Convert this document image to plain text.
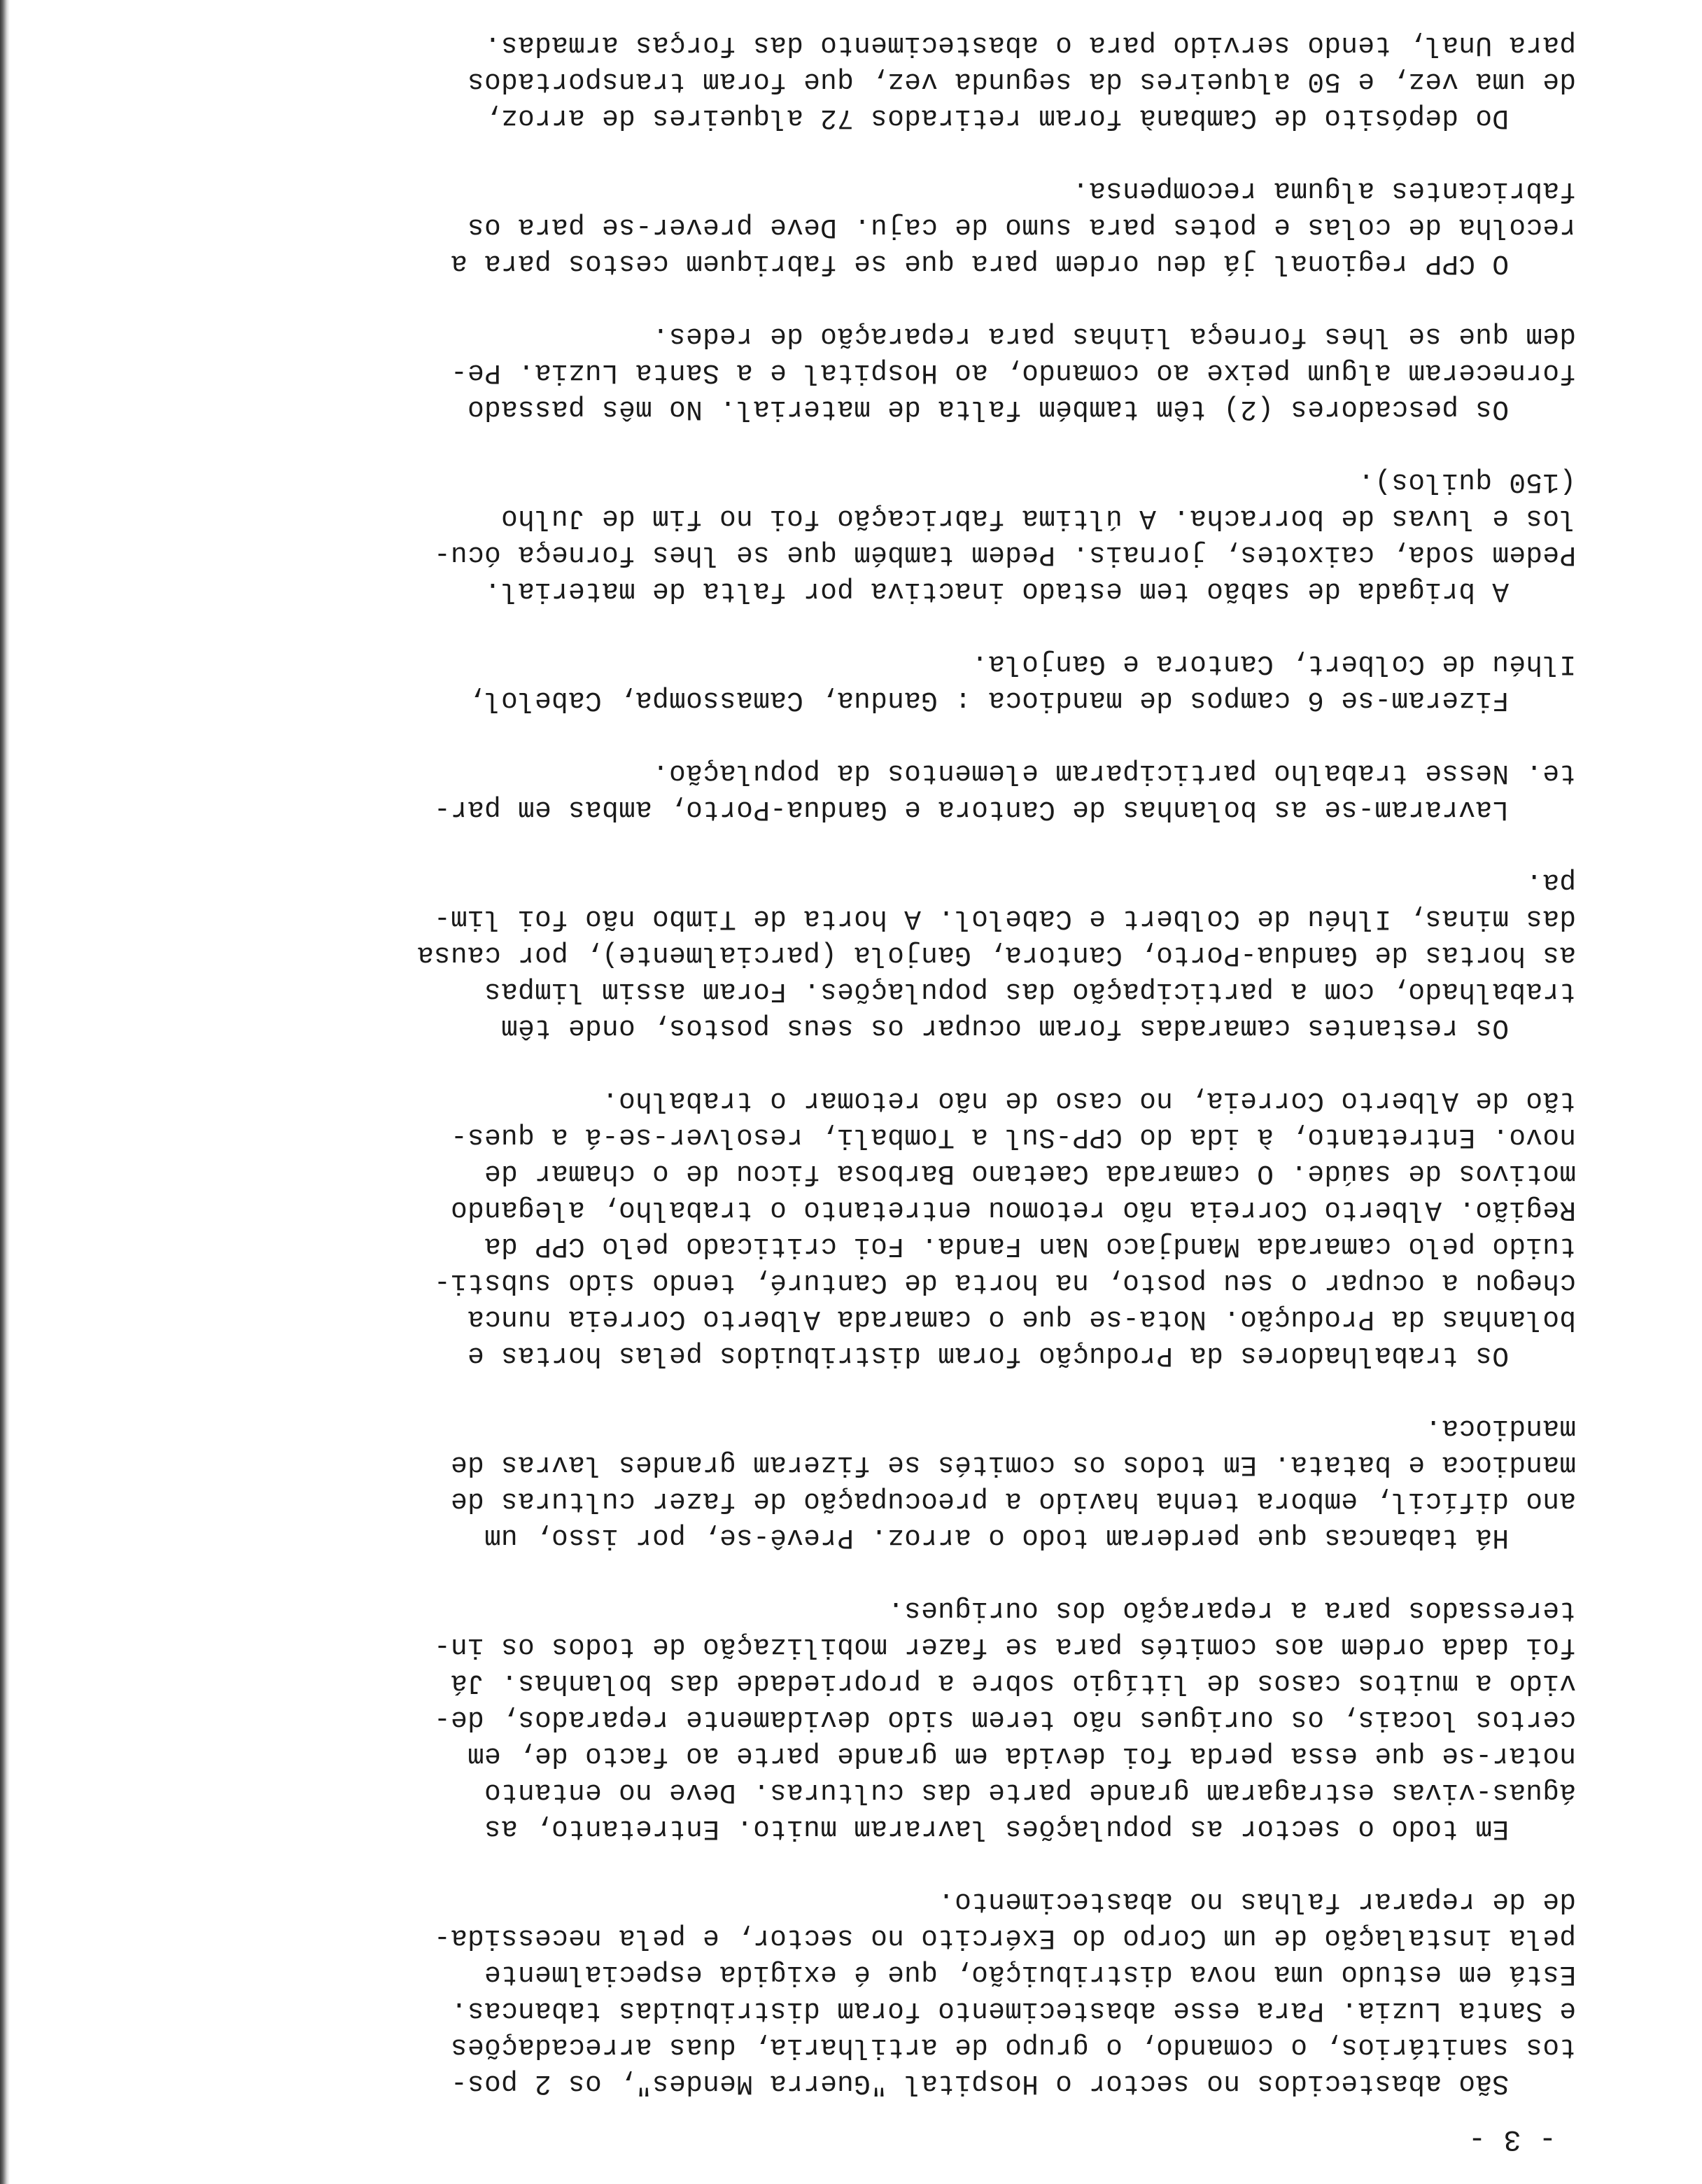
- 3 -
São abastecidos no sector o Hospital "Guerra Mendes", os 2 pos-
tos sanitários, o comando, o grupo de artilharia, duas arrecadações
e Santa Luzia. Para esse abastecimento foram distribuidas tabancas.
Está em estudo uma nova distribuição, que é exigida especialmente
pela instalação de um Corpo do Exército no sector, e pela necessida-
de de reparar falhas no abastecimento.
Em todo o sector as populações lavraram muito. Entretanto, as
águas-vivas estragaram grande parte das culturas. Deve no entanto
notar-se que essa perda foi devida em grande parte ao facto de, em
certos locais, os ourigues não terem sido devidamente reparados, de-
vido a muitos casos de litígio sobre a propriedade das bolanhas. Já
foi dada ordem aos comités para se fazer mobilização de todos os in-
teressados para a reparação dos ourigues.
Há tabancas que perderam todo o arroz. Prevê-se, por isso, um
ano difícil, embora tenha havido a preocupação de fazer culturas de
mandioca e batata. Em todos os comités se fizeram grandes lavras de
mandioca.
Os trabalhadores da Produção foram distribuidos pelas hortas e
bolanhas da Produção. Nota-se que o camarada Alberto Correia nunca
chegou a ocupar o seu posto, na horta de Canturé, tendo sido substi-
tuido pelo camarada Mandjaco Nan Fanda. Foi criticado pelo CPP da
Região. Alberto Correia não retomou entretanto o trabalho, alegando
motivos de saúde. O camarada Caetano Barbosa ficou de o chamar de
novo. Entretanto, à ida do CPP-Sul a Tombali, resolver-se-á a ques-
tão de Alberto Correia, no caso de não retomar o trabalho.
Os restantes camaradas foram ocupar os seus postos, onde têm
trabalhado, com a participação das populações. Foram assim limpas
as hortas de Gandua-Porto, Cantora, Ganjola (parcialmente), por causa
das minas, Ilhéu de Colbert e Cabelol. A horta de Timbo não foi lim-
pa.
Lavraram-se as bolanhas de Cantora e Gandua-Porto, ambas em par-
te. Nesse trabalho participaram elementos da população.
Fizeram-se 6 campos de mandioca : Gandua, Camassompa, Cabelol,
Ilhéu de Colbert, Cantora e Ganjola.
A brigada de sabão tem estado inactiva por falta de material.
Pedem soda, caixotes, jornais. Pedem também que se lhes forneça ócu-
los e luvas de borracha. A última fabricação foi no fim de Julho
(150 quilos).
Os pescadores (2) têm também falta de material. No mês passado
forneceram algum peixe ao comando, ao Hospital e a Santa Luzia. Pe-
dem que se lhes forneça linhas para reparação de redes.
O CPP regional já deu ordem para que se fabriquem cestos para a
recolha de colas e potes para sumo de caju. Deve prever-se para os
fabricantes alguma recompensa.
Do depósito de Cambanà foram retirados 72 alqueires de arroz,
de uma vez, e 50 alqueires da segunda vez, que foram transportados
para Unal, tendo servido para o abastecimento das forças armadas.
